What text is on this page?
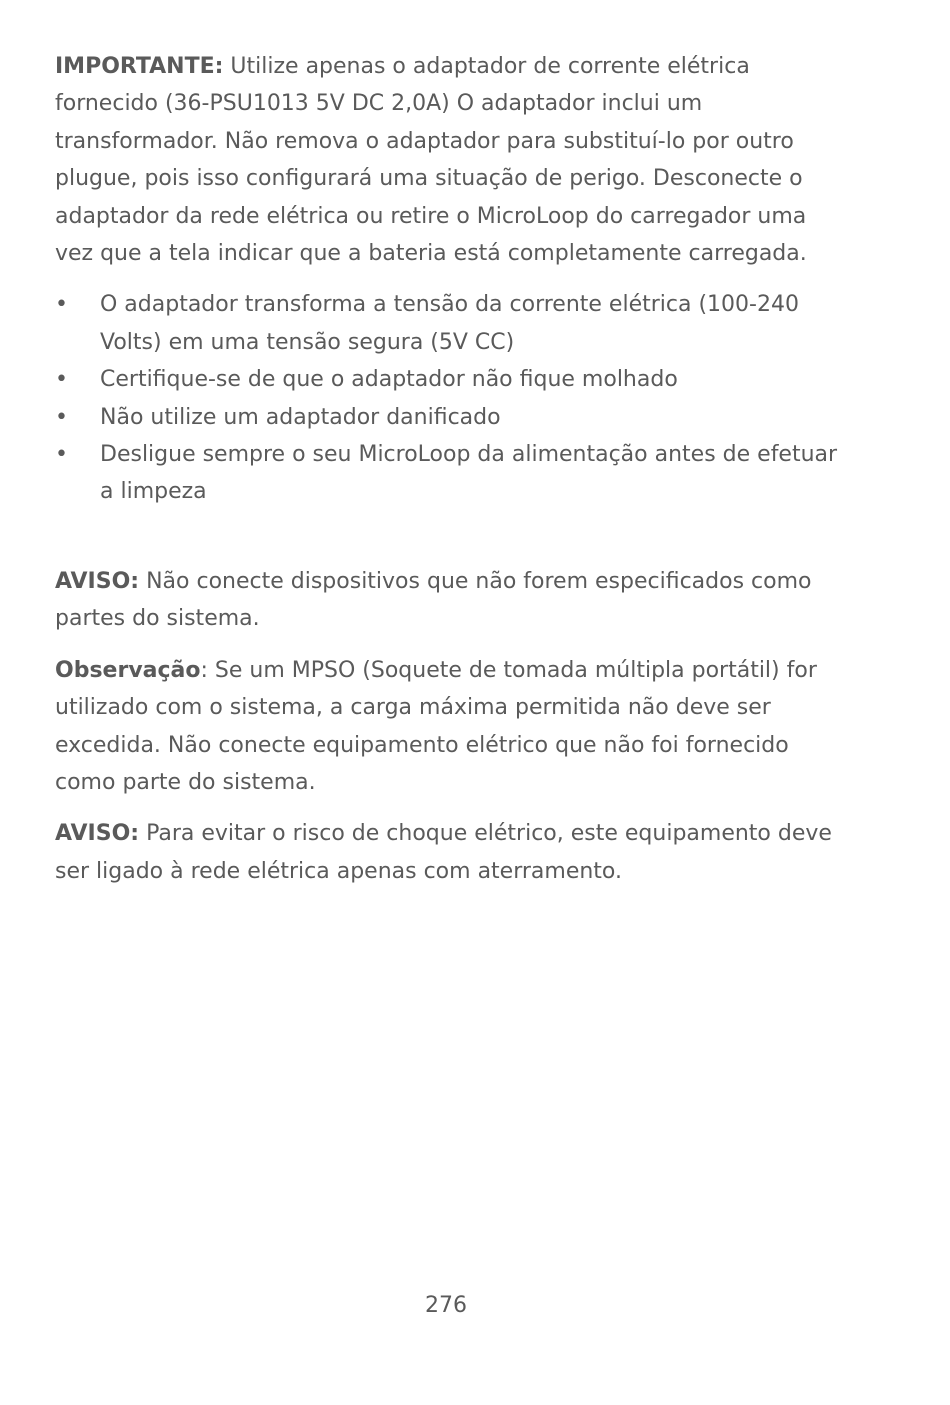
IMPORTANTE: Utilize apenas o adaptador de corrente elétrica fornecido (36-PSU1013 5V DC 2,0A) O adaptador inclui um transformador. Não remova o adaptador para substituí-lo por outro plugue, pois isso configurará uma situação de perigo. Desconecte o adaptador da rede elétrica ou retire o MicroLoop do carregador uma vez que a tela indicar que a bateria está completamente carregada.

• O adaptador transforma a tensão da corrente elétrica (100-240 Volts) em uma tensão segura (5V CC)
• Certifique-se de que o adaptador não fique molhado
• Não utilize um adaptador danificado
• Desligue sempre o seu MicroLoop da alimentação antes de efetuar a limpeza

AVISO: Não conecte dispositivos que não forem especificados como partes do sistema.

Observação: Se um MPSO (Soquete de tomada múltipla portátil) for utilizado com o sistema, a carga máxima permitida não deve ser excedida. Não conecte equipamento elétrico que não foi fornecido como parte do sistema.

AVISO: Para evitar o risco de choque elétrico, este equipamento deve ser ligado à rede elétrica apenas com aterramento.

276
